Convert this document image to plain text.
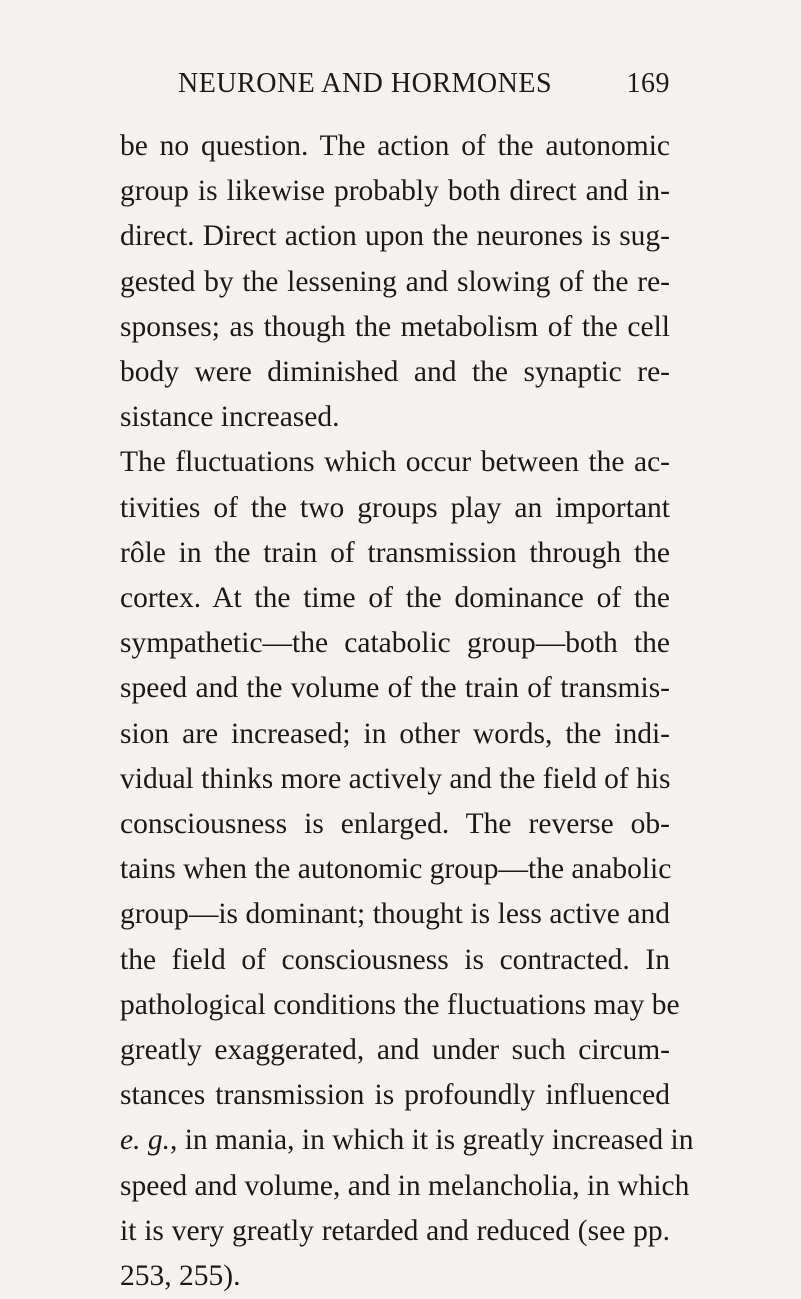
NEURONE AND HORMONES	169
be no question. The action of the autonomic
group is likewise probably both direct and in-
direct. Direct action upon the neurones is sug-
gested by the lessening and slowing of the re-
sponses; as though the metabolism of the cell
body were diminished and the synaptic re-
sistance increased.
The fluctuations which occur between the ac-
tivities of the two groups play an important
rôle in the train of transmission through the
cortex. At the time of the dominance of the
sympathetic—the catabolic group—both the
speed and the volume of the train of transmis-
sion are increased; in other words, the indi-
vidual thinks more actively and the field of his
consciousness is enlarged. The reverse ob-
tains when the autonomic group—the anabolic
group—is dominant; thought is less active and
the field of consciousness is contracted. In
pathological conditions the fluctuations may be
greatly exaggerated, and under such circum-
stances transmission is profoundly influenced
e. g., in mania, in which it is greatly increased in
speed and volume, and in melancholia, in which
it is very greatly retarded and reduced (see pp.
253, 255).
